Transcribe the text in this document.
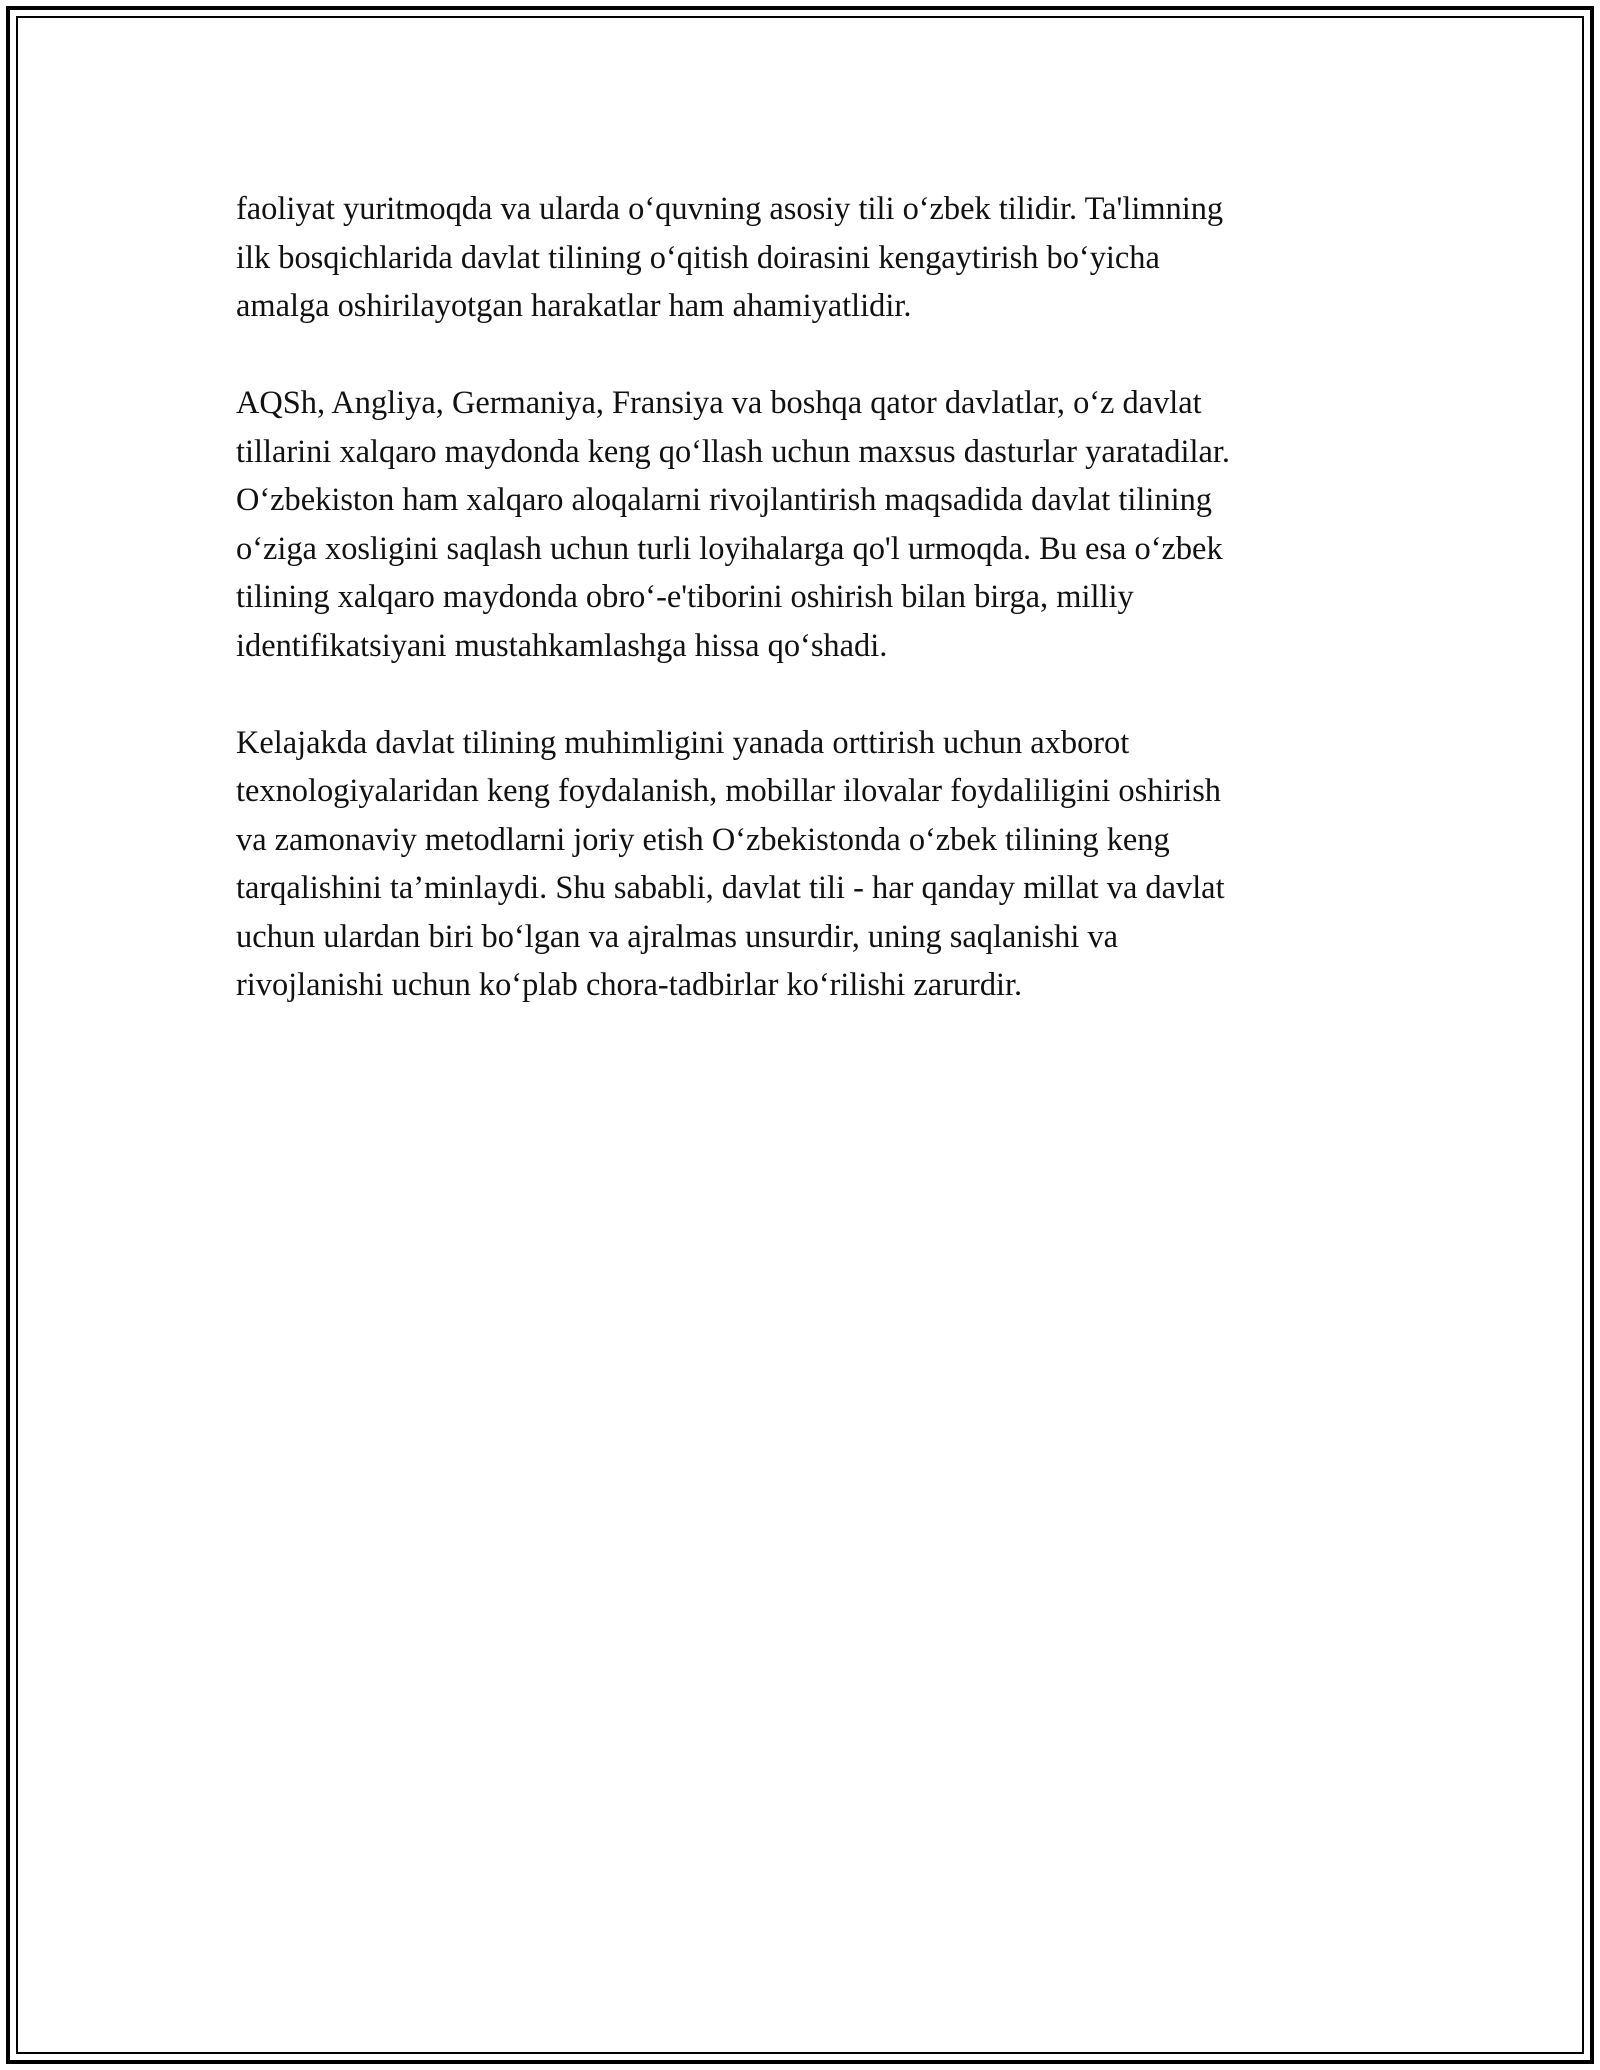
faoliyat yuritmoqda va ularda o‘quvning asosiy tili o‘zbek tilidir. Ta'limning
ilk bosqichlarida davlat tilining o‘qitish doirasini kengaytirish bo‘yicha
amalga oshirilayotgan harakatlar ham ahamiyatlidir.

AQSh, Angliya, Germaniya, Fransiya va boshqa qator davlatlar, o‘z davlat
tillarini xalqaro maydonda keng qo‘llash uchun maxsus dasturlar yaratadilar.
O‘zbekiston ham xalqaro aloqalarni rivojlantirish maqsadida davlat tilining
o‘ziga xosligini saqlash uchun turli loyihalarga qo'l urmoqda. Bu esa o‘zbek
tilining xalqaro maydonda obro‘-e'tiborini oshirish bilan birga, milliy
identifikatsiyani mustahkamlashga hissa qo‘shadi.

Kelajakda davlat tilining muhimligini yanada orttirish uchun axborot
texnologiyalaridan keng foydalanish, mobillar ilovalar foydaliligini oshirish
va zamonaviy metodlarni joriy etish O‘zbekistonda o‘zbek tilining keng
tarqalishini ta’minlaydi. Shu sababli, davlat tili - har qanday millat va davlat
uchun ulardan biri bo‘lgan va ajralmas unsurdir, uning saqlanishi va
rivojlanishi uchun ko‘plab chora-tadbirlar ko‘rilishi zarurdir.
